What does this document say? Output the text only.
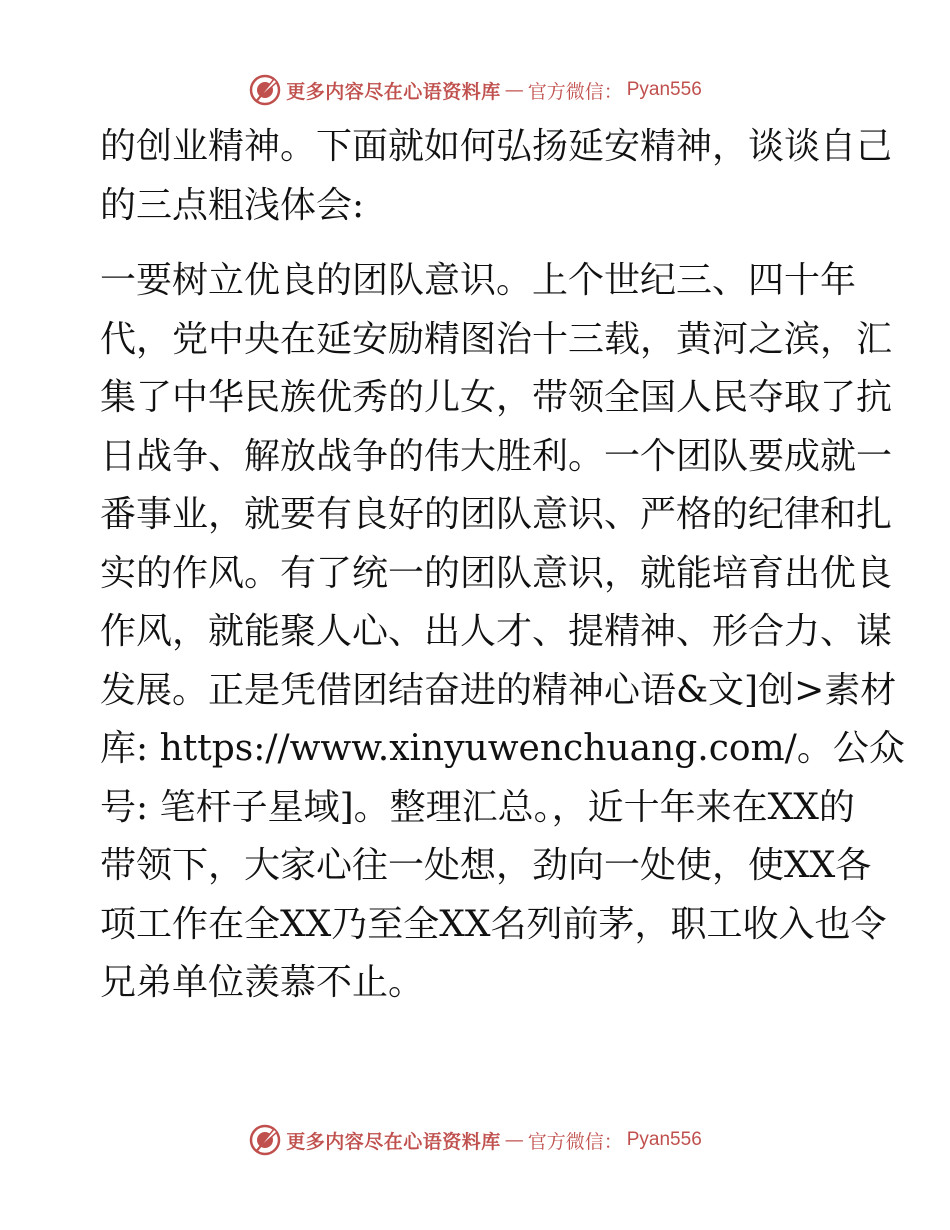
更多内容尽在心语资料库 — 官方微信： Pyan556
的创业精神。下面就如何弘扬延安精神，谈谈自己
的三点粗浅体会:
一要树立优良的团队意识。上个世纪三、四十年
代，党中央在延安励精图治十三载，黄河之滨，汇
集了中华民族优秀的儿女，带领全国人民夺取了抗
日战争、解放战争的伟大胜利。一个团队要成就一
番事业，就要有良好的团队意识、严格的纪律和扎
实的作风。有了统一的团队意识，就能培育出优良
作风，就能聚人心、出人才、提精神、形合力、谋
发展。正是凭借团结奋进的精神心语&文]创>素材
库: https://www.xinyuwenchuang.com/。公众
号: 笔杆子星域]。整理汇总。，近十年来在XX的
带领下，大家心往一处想，劲向一处使，使XX各
项工作在全XX乃至全XX名列前茅，职工收入也令
兄弟单位羡慕不止。
更多内容尽在心语资料库 — 官方微信： Pyan556
